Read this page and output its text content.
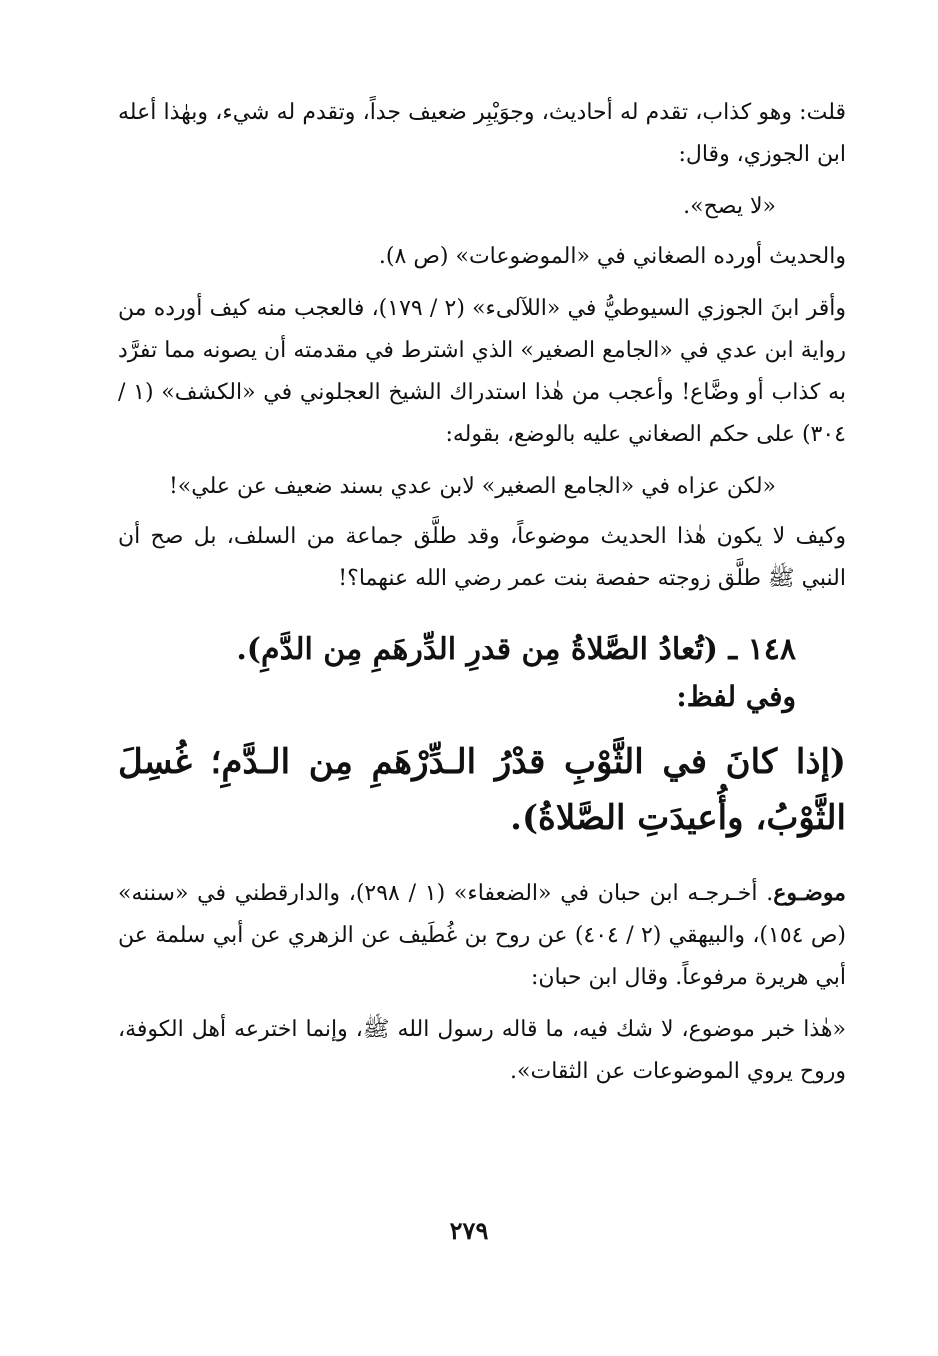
قلت: وهو كذاب، تقدم له أحاديث، وجوَيْبِر ضعيف جداً، وتقدم له شيء، وبهٰذا أعله ابن الجوزي، وقال:

«لا يصح».

والحديث أورده الصغاني في «الموضوعات» (ص ٨).

وأقر ابنَ الجوزي السيوطيُّ في «اللآلىء» (٢ / ١٧٩)، فالعجب منه كيف أورده من رواية ابن عدي في «الجامع الصغير» الذي اشترط في مقدمته أن يصونه مما تفرَّد به كذاب أو وضَّاع! وأعجب من هٰذا استدراك الشيخ العجلوني في «الكشف» (١ / ٣٠٤) على حكم الصغاني عليه بالوضع، بقوله:

«لكن عزاه في «الجامع الصغير» لابن عدي بسند ضعيف عن علي»!

وكيف لا يكون هٰذا الحديث موضوعاً، وقد طلَّق جماعة من السلف، بل صح أن النبي ﷺ طلَّق زوجته حفصة بنت عمر رضي الله عنهما؟!

١٤٨ ـ (تُعادُ الصَّلاةُ مِن قدرِ الدِّرهَمِ مِن الدَّمِ).
وفي لفظ:
(إذا كانَ في الثَّوْبِ قدْرُ الـدِّرْهَمِ مِن الـدَّمِ؛ غُسِلَ الثَّوْبُ، وأُعيدَتِ الصَّلاةُ).

موضـوع. أخـرجـه ابن حبان في «الضعفاء» (١ / ٢٩٨)، والدارقطني في «سننه» (ص ١٥٤)، والبيهقي (٢ / ٤٠٤) عن روح بن غُطَيف عن الزهري عن أبي سلمة عن أبي هريرة مرفوعاً. وقال ابن حبان:

«هٰذا خبر موضوع، لا شك فيه، ما قاله رسول الله ﷺ، وإنما اخترعه أهل الكوفة، وروح يروي الموضوعات عن الثقات».

٢٧٩
